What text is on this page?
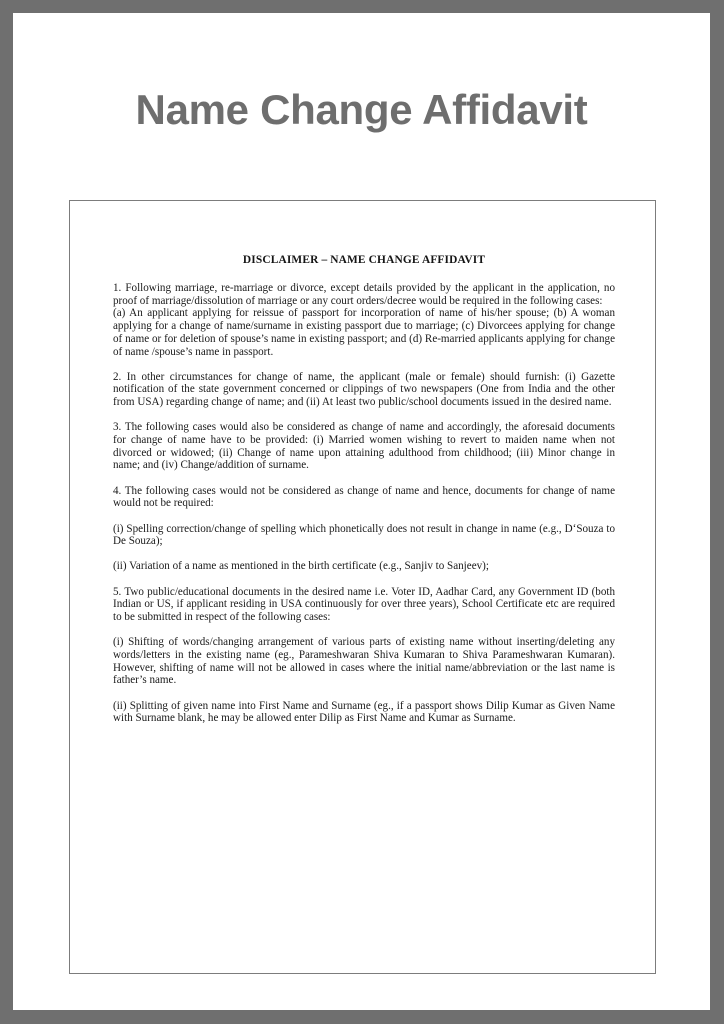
Name Change Affidavit
DISCLAIMER – NAME CHANGE AFFIDAVIT

1. Following marriage, re-marriage or divorce, except details provided by the applicant in the application, no proof of marriage/dissolution of marriage or any court orders/decree would be required in the following cases:

(a) An applicant applying for reissue of passport for incorporation of name of his/her spouse; (b) A woman applying for a change of name/surname in existing passport due to marriage; (c) Divorcees applying for change of name or for deletion of spouse’s name in existing passport; and (d) Re-married applicants applying for change of name /spouse’s name in passport.

2. In other circumstances for change of name, the applicant (male or female) should furnish: (i) Gazette notification of the state government concerned or clippings of two newspapers (One from India and the other from USA) regarding change of name; and (ii) At least two public/school documents issued in the desired name.

3. The following cases would also be considered as change of name and accordingly, the aforesaid documents for change of name have to be provided: (i) Married women wishing to revert to maiden name when not divorced or widowed; (ii) Change of name upon attaining adulthood from childhood; (iii) Minor change in name; and (iv) Change/addition of surname.

4. The following cases would not be considered as change of name and hence, documents for change of name would not be required:

(i) Spelling correction/change of spelling which phonetically does not result in change in name (e.g., D‘Souza to De Souza);

(ii) Variation of a name as mentioned in the birth certificate (e.g., Sanjiv to Sanjeev);

5. Two public/educational documents in the desired name i.e. Voter ID, Aadhar Card, any Government ID (both Indian or US, if applicant residing in USA continuously for over three years), School Certificate etc are required to be submitted in respect of the following cases:

(i) Shifting of words/changing arrangement of various parts of existing name without inserting/deleting any words/letters in the existing name (eg., Parameshwaran Shiva Kumaran to Shiva Parameshwaran Kumaran). However, shifting of name will not be allowed in cases where the initial name/abbreviation or the last name is father’s name.

(ii) Splitting of given name into First Name and Surname (eg., if a passport shows Dilip Kumar as Given Name with Surname blank, he may be allowed enter Dilip as First Name and Kumar as Surname.
